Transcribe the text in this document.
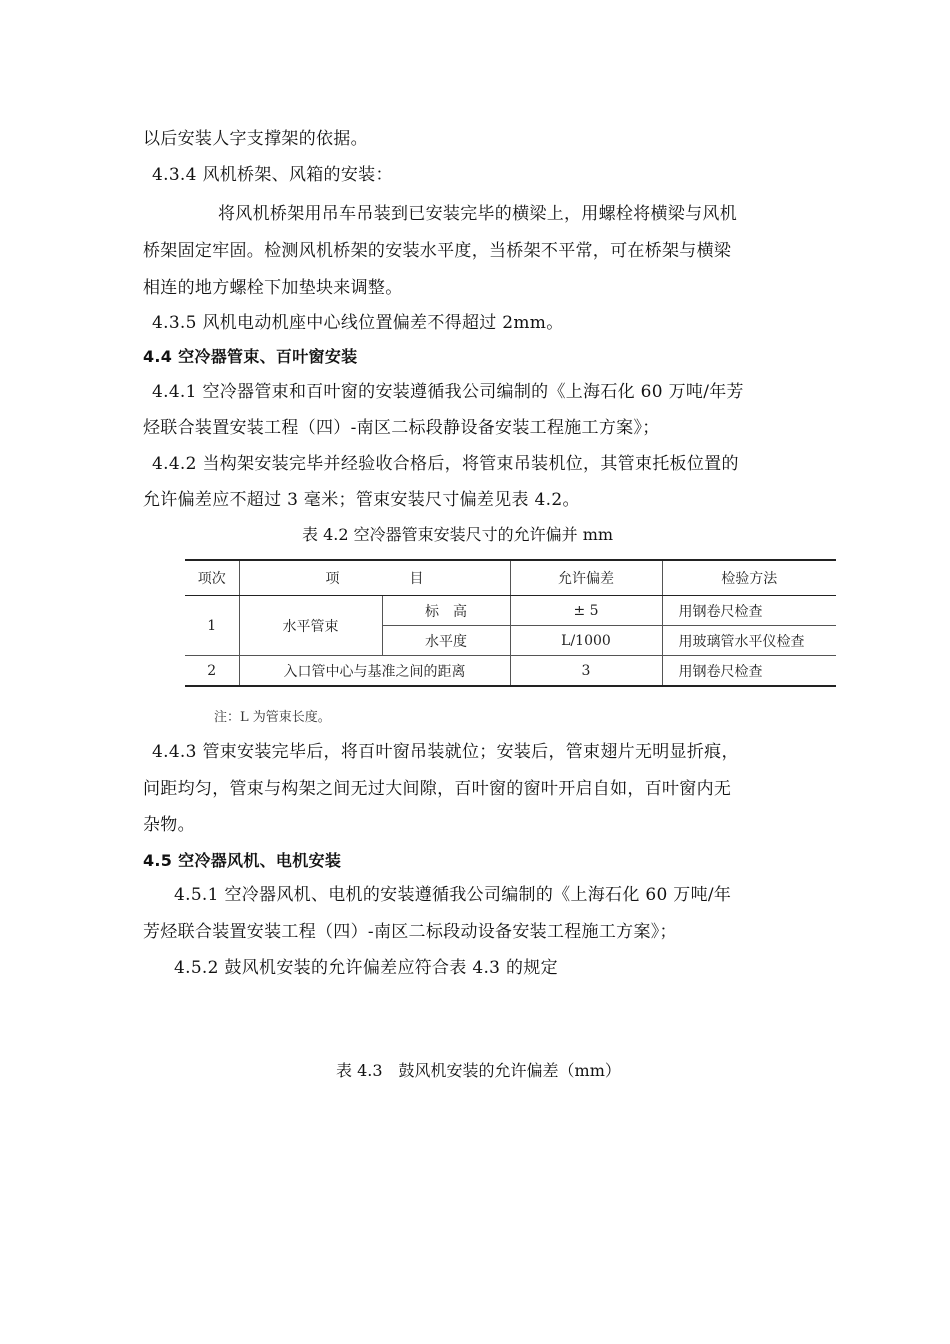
以后安装人字支撑架的依据。
4.3.4 风机桥架、风箱的安装：
将风机桥架用吊车吊装到已安装完毕的横梁上，用螺栓将横梁与风机
桥架固定牢固。检测风机桥架的安装水平度，当桥架不平常，可在桥架与横梁
相连的地方螺栓下加垫块来调整。
4.3.5 风机电动机座中心线位置偏差不得超过 2mm。
4.4 空冷器管束、百叶窗安装
4.4.1 空冷器管束和百叶窗的安装遵循我公司编制的《上海石化 60 万吨/年芳
烃联合装置安装工程（四）-南区二标段静设备安装工程施工方案》；
4.4.2 当构架安装完毕并经验收合格后，将管束吊装机位，其管束托板位置的
允许偏差应不超过 3 毫米；管束安装尺寸偏差见表 4.2。
表 4.2 空冷器管束安装尺寸的允许偏并 mm
项次	项　　　　　目		允许偏差	检验方法
1	水平管束	标　高	± 5	用钢卷尺检查
		水平度	L/1000	用玻璃管水平仪检查
2	入口管中心与基准之间的距离		3	用钢卷尺检查
注：L 为管束长度。
4.4.3 管束安装完毕后，将百叶窗吊装就位；安装后，管束翅片无明显折痕，
问距均匀，管束与构架之间无过大间隙，百叶窗的窗叶开启自如，百叶窗内无
杂物。
4.5 空冷器风机、电机安装
4.5.1 空冷器风机、电机的安装遵循我公司编制的《上海石化 60 万吨/年
芳烃联合装置安装工程（四）-南区二标段动设备安装工程施工方案》；
4.5.2 鼓风机安装的允许偏差应符合表 4.3 的规定
表 4.3　鼓风机安装的允许偏差（mm）
